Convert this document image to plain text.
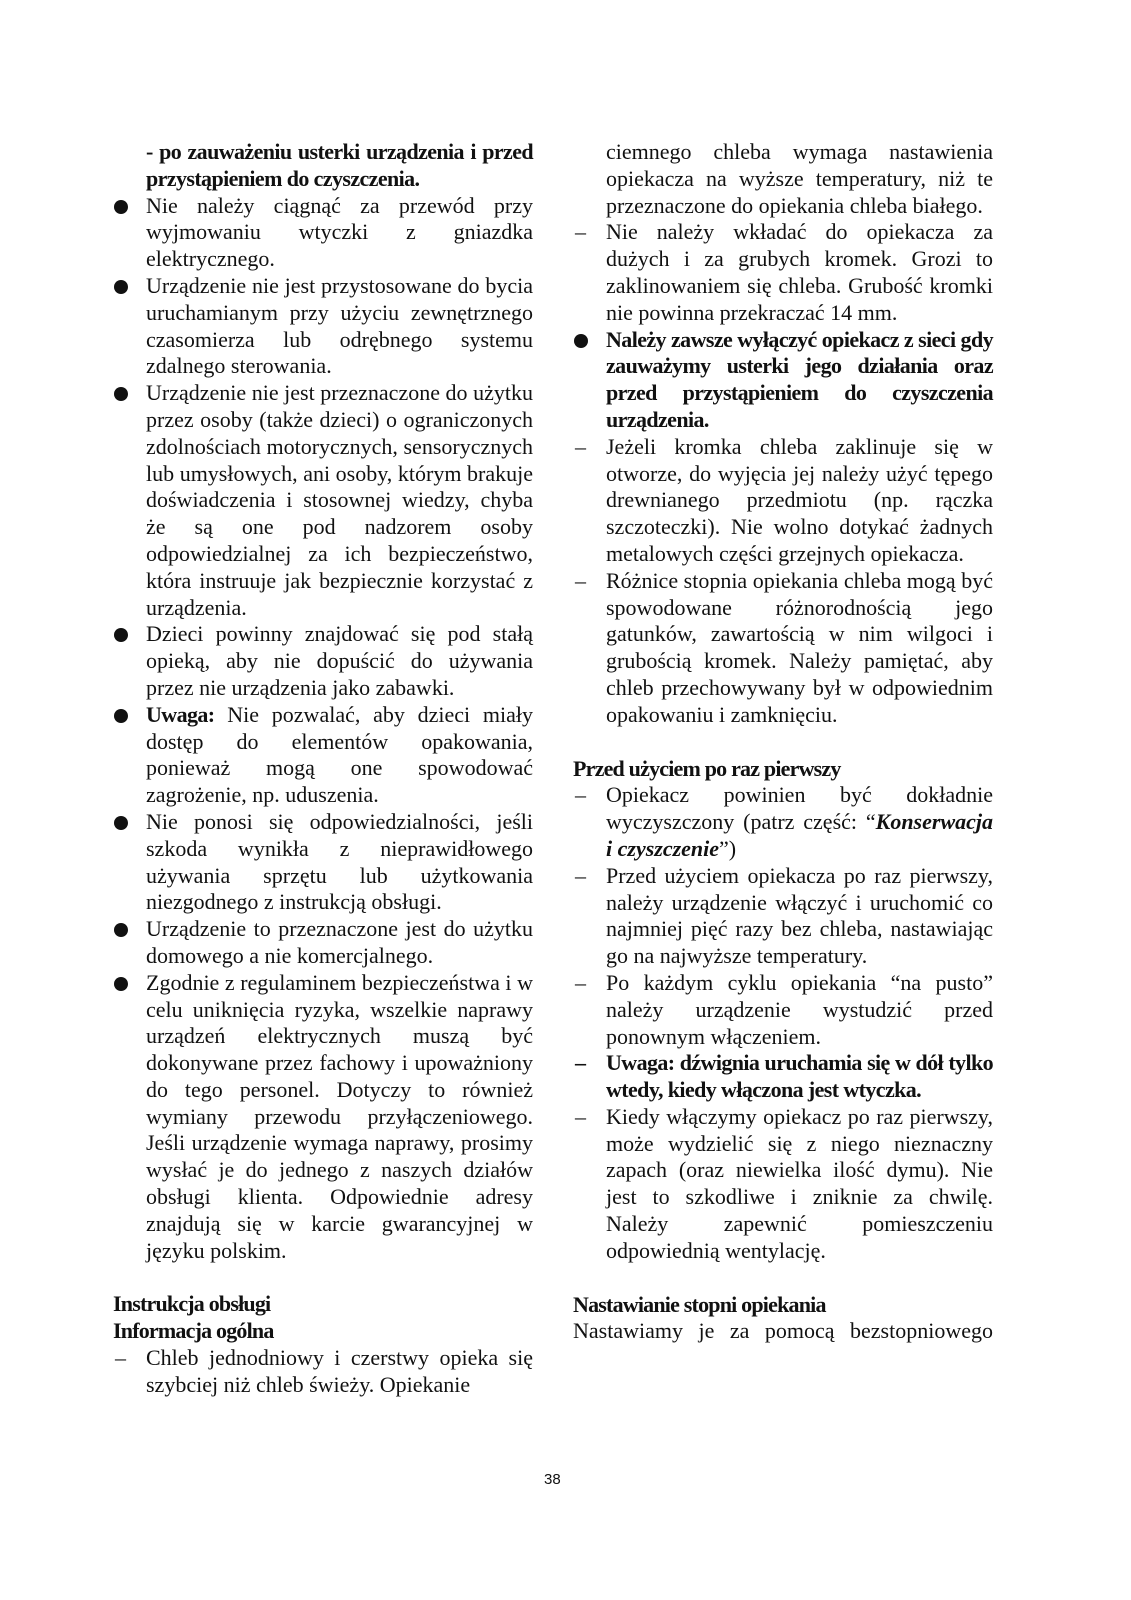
- po zauważeniu usterki urządzenia i przed przystąpieniem do czyszczenia.
Nie należy ciągnąć za przewód przy wyjmowaniu wtyczki z gniazdka elektrycznego.
Urządzenie nie jest przystosowane do bycia uruchamianym przy użyciu zewnętrznego czasomierza lub odrębnego systemu zdalnego sterowania.
Urządzenie nie jest przeznaczone do użytku przez osoby (także dzieci) o ograniczonych zdolnościach motorycznych, sensorycznych lub umysłowych, ani osoby, którym brakuje doświadczenia i stosownej wiedzy, chyba że są one pod nadzorem osoby odpowiedzialnej za ich bezpieczeństwo, która instruuje jak bezpiecznie korzystać z urządzenia.
Dzieci powinny znajdować się pod stałą opieką, aby nie dopuścić do używania przez nie urządzenia jako zabawki.
Uwaga: Nie pozwalać, aby dzieci miały dostęp do elementów opakowania, ponieważ mogą one spowodować zagrożenie, np. uduszenia.
Nie ponosi się odpowiedzialności, jeśli szkoda wynikła z nieprawidłowego używania sprzętu lub użytkowania niezgodnego z instrukcją obsługi.
Urządzenie to przeznaczone jest do użytku domowego a nie komercjalnego.
Zgodnie z regulaminem bezpieczeństwa i w celu uniknięcia ryzyka, wszelkie naprawy urządzeń elektrycznych muszą być dokonywane przez fachowy i upoważniony do tego personel. Dotyczy to również wymiany przewodu przyłączeniowego. Jeśli urządzenie wymaga naprawy, prosimy wysłać je do jednego z naszych działów obsługi klienta. Odpowiednie adresy znajdują się w karcie gwarancyjnej w języku polskim.
Instrukcja obsługi
Informacja ogólna
– Chleb jednodniowy i czerstwy opieka się szybciej niż chleb świeży. Opiekanie
ciemnego chleba wymaga nastawienia opiekacza na wyższe temperatury, niż te przeznaczone do opiekania chleba białego.
– Nie należy wkładać do opiekacza za dużych i za grubych kromek. Grozi to zaklinowaniem się chleba. Grubość kromki nie powinna przekraczać 14 mm.
Należy zawsze wyłączyć opiekacz z sieci gdy zauważymy usterki jego działania oraz przed przystąpieniem do czyszczenia urządzenia.
– Jeżeli kromka chleba zaklinuje się w otworze, do wyjęcia jej należy użyć tępego drewnianego przedmiotu (np. rączka szczoteczki). Nie wolno dotykać żadnych metalowych części grzejnych opiekacza.
– Różnice stopnia opiekania chleba mogą być spowodowane różnorodnością jego gatunków, zawartością w nim wilgoci i grubością kromek. Należy pamiętać, aby chleb przechowywany był w odpowiednim opakowaniu i zamknięciu.
Przed użyciem po raz pierwszy
– Opiekacz powinien być dokładnie wyczyszczony (patrz część: “Konserwacja i czyszczenie”)
– Przed użyciem opiekacza po raz pierwszy, należy urządzenie włączyć i uruchomić co najmniej pięć razy bez chleba, nastawiając go na najwyższe temperatury.
– Po każdym cyklu opiekania “na pusto” należy urządzenie wystudzić przed ponownym włączeniem.
– Uwaga: dźwignia uruchamia się w dół tylko wtedy, kiedy włączona jest wtyczka.
– Kiedy włączymy opiekacz po raz pierwszy, może wydzielić się z niego nieznaczny zapach (oraz niewielka ilość dymu). Nie jest to szkodliwe i zniknie za chwilę. Należy zapewnić pomieszczeniu odpowiednią wentylację.
Nastawianie stopni opiekania
Nastawiamy je za pomocą bezstopniowego
38
